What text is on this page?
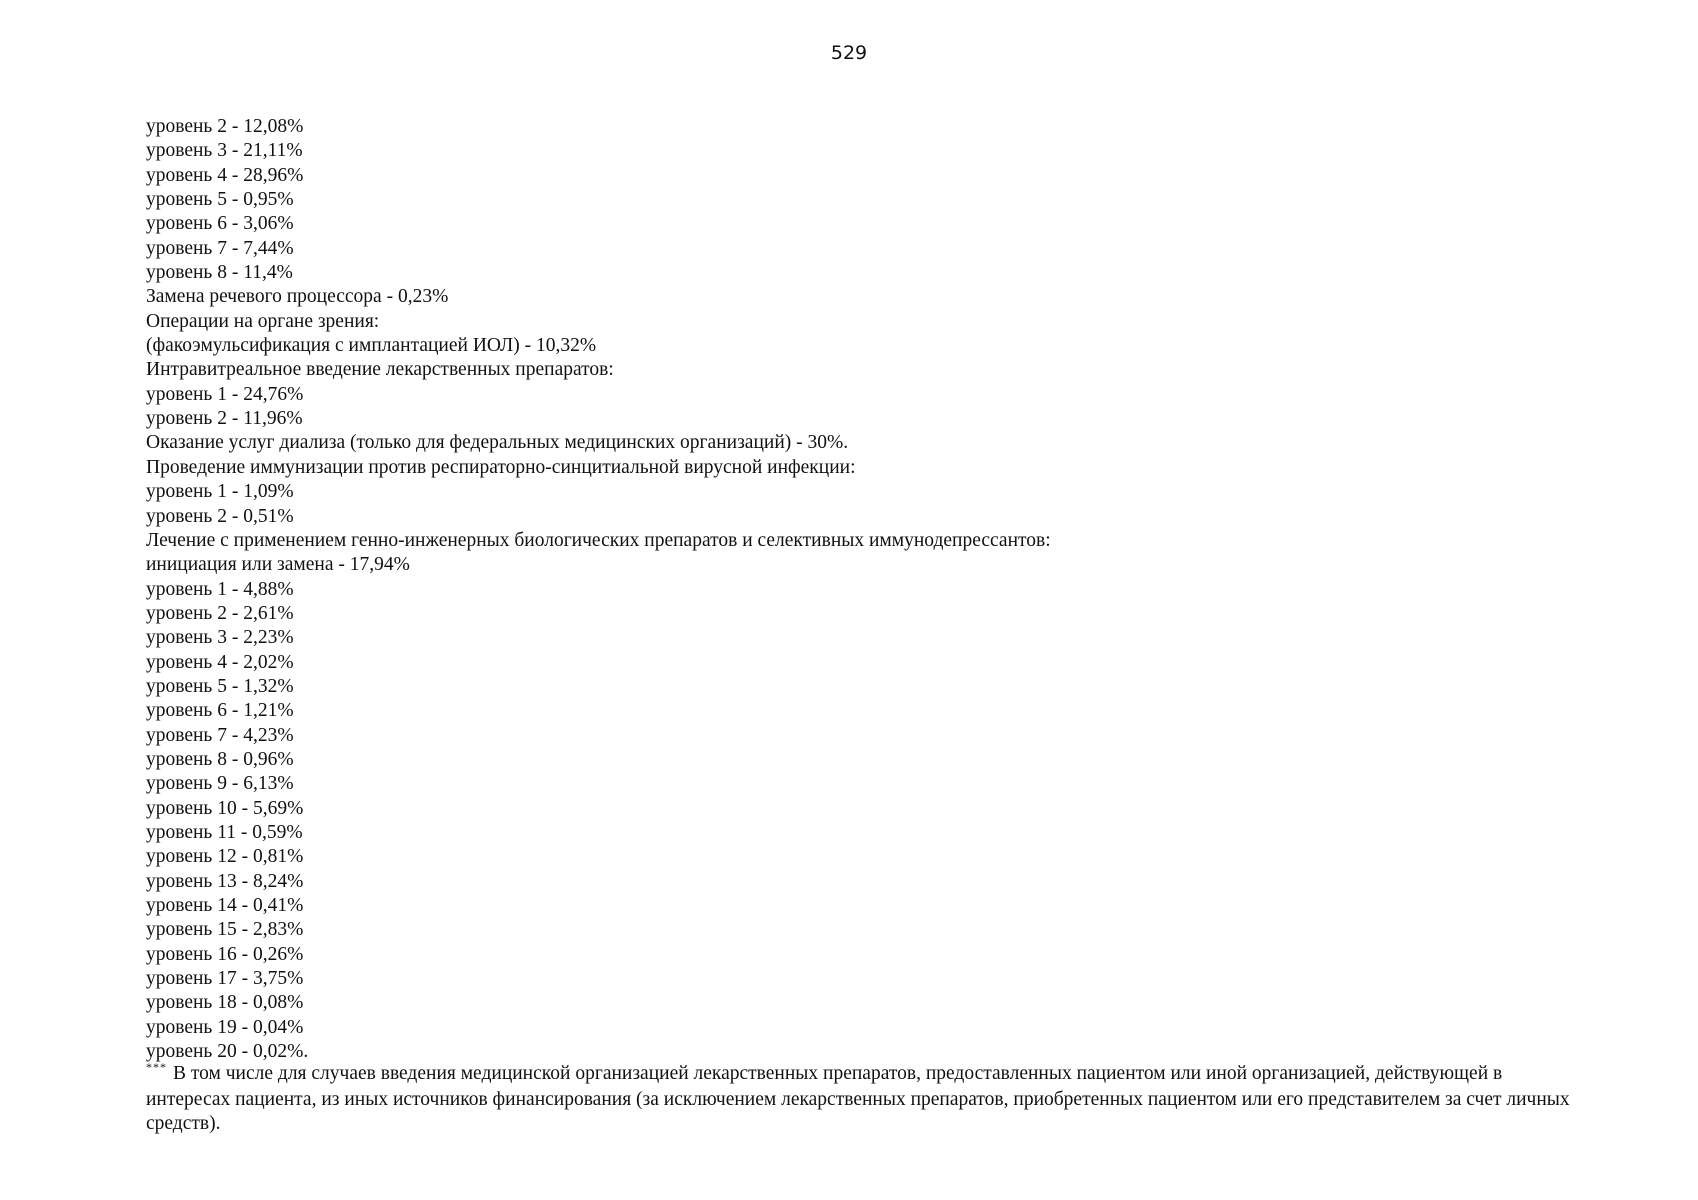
529
уровень 2 - 12,08%
уровень 3 - 21,11%
уровень 4 - 28,96%
уровень 5 - 0,95%
уровень 6 - 3,06%
уровень 7 - 7,44%
уровень 8 - 11,4%
Замена речевого процессора - 0,23%
Операции на органе зрения:
(факоэмульсификация с имплантацией ИОЛ) - 10,32%
Интравитреальное введение лекарственных препаратов:
уровень 1 - 24,76%
уровень 2 - 11,96%
Оказание услуг диализа (только для федеральных медицинских организаций) - 30%.
Проведение иммунизации против респираторно-синцитиальной вирусной инфекции:
уровень 1 - 1,09%
уровень 2 - 0,51%
Лечение с применением генно-инженерных биологических препаратов и селективных иммунодепрессантов:
инициация или замена - 17,94%
уровень 1 - 4,88%
уровень 2 - 2,61%
уровень 3 - 2,23%
уровень 4 - 2,02%
уровень 5 - 1,32%
уровень 6 - 1,21%
уровень 7 - 4,23%
уровень 8 - 0,96%
уровень 9 - 6,13%
уровень 10 - 5,69%
уровень 11 - 0,59%
уровень 12 - 0,81%
уровень 13 - 8,24%
уровень 14 - 0,41%
уровень 15 - 2,83%
уровень 16 - 0,26%
уровень 17 - 3,75%
уровень 18 - 0,08%
уровень 19 - 0,04%
уровень 20 - 0,02%.
*** В том числе для случаев введения медицинской организацией лекарственных препаратов, предоставленных пациентом или иной организацией, действующей в интересах пациента, из иных источников финансирования (за исключением лекарственных препаратов, приобретенных пациентом или его представителем за счет личных средств).
